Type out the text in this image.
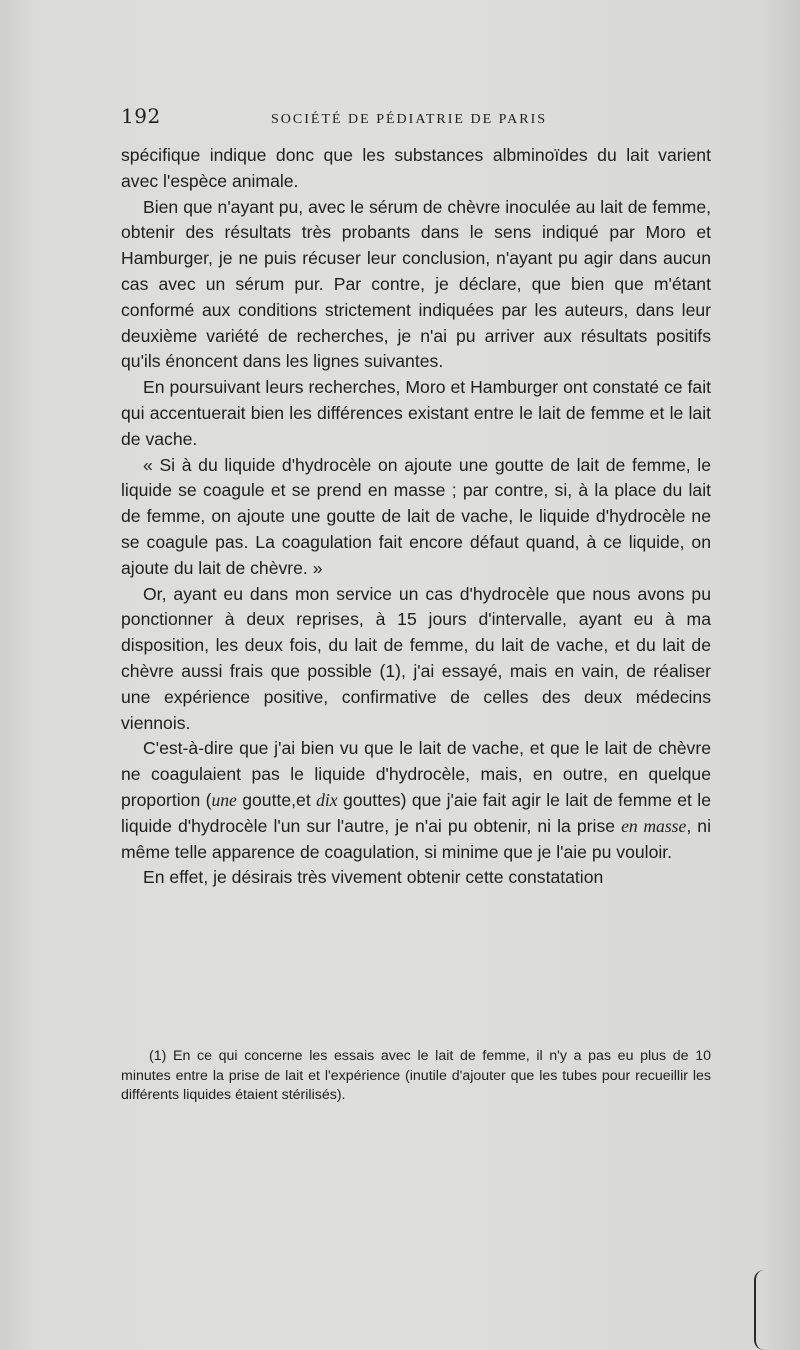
192	SOCIÉTÉ DE PÉDIATRIE DE PARIS

spécifique indique donc que les substances albminoïdes du lait varient avec l'espèce animale.

Bien que n'ayant pu, avec le sérum de chèvre inoculée au lait de femme, obtenir des résultats très probants dans le sens indiqué par Moro et Hamburger, je ne puis récuser leur conclusion, n'ayant pu agir dans aucun cas avec un sérum pur. Par contre, je déclare, que bien que m'étant conformé aux conditions strictement indiquées par les auteurs, dans leur deuxième variété de recherches, je n'ai pu arriver aux résultats positifs qu'ils énoncent dans les lignes suivantes.

En poursuivant leurs recherches, Moro et Hamburger ont constaté ce fait qui accentuerait bien les différences existant entre le lait de femme et le lait de vache.

« Si à du liquide d'hydrocèle on ajoute une goutte de lait de femme, le liquide se coagule et se prend en masse ; par contre, si, à la place du lait de femme, on ajoute une goutte de lait de vache, le liquide d'hydrocèle ne se coagule pas. La coagulation fait encore défaut quand, à ce liquide, on ajoute du lait de chèvre. »

Or, ayant eu dans mon service un cas d'hydrocèle que nous avons pu ponctionner à deux reprises, à 15 jours d'intervalle, ayant eu à ma disposition, les deux fois, du lait de femme, du lait de vache, et du lait de chèvre aussi frais que possible (1), j'ai essayé, mais en vain, de réaliser une expérience positive, confirmative de celles des deux médecins viennois.

C'est-à-dire que j'ai bien vu que le lait de vache, et que le lait de chèvre ne coagulaient pas le liquide d'hydrocèle, mais, en outre, en quelque proportion (une goutte,et dix gouttes) que j'aie fait agir le lait de femme et le liquide d'hydrocèle l'un sur l'autre, je n'ai pu obtenir, ni la prise en masse, ni même telle apparence de coagulation, si minime que je l'aie pu vouloir.

En effet, je désirais très vivement obtenir cette constatation

(1) En ce qui concerne les essais avec le lait de femme, il n'y a pas eu plus de 10 minutes entre la prise de lait et l'expérience (inutile d'ajouter que les tubes pour recueillir les différents liquides étaient stérilisés).
